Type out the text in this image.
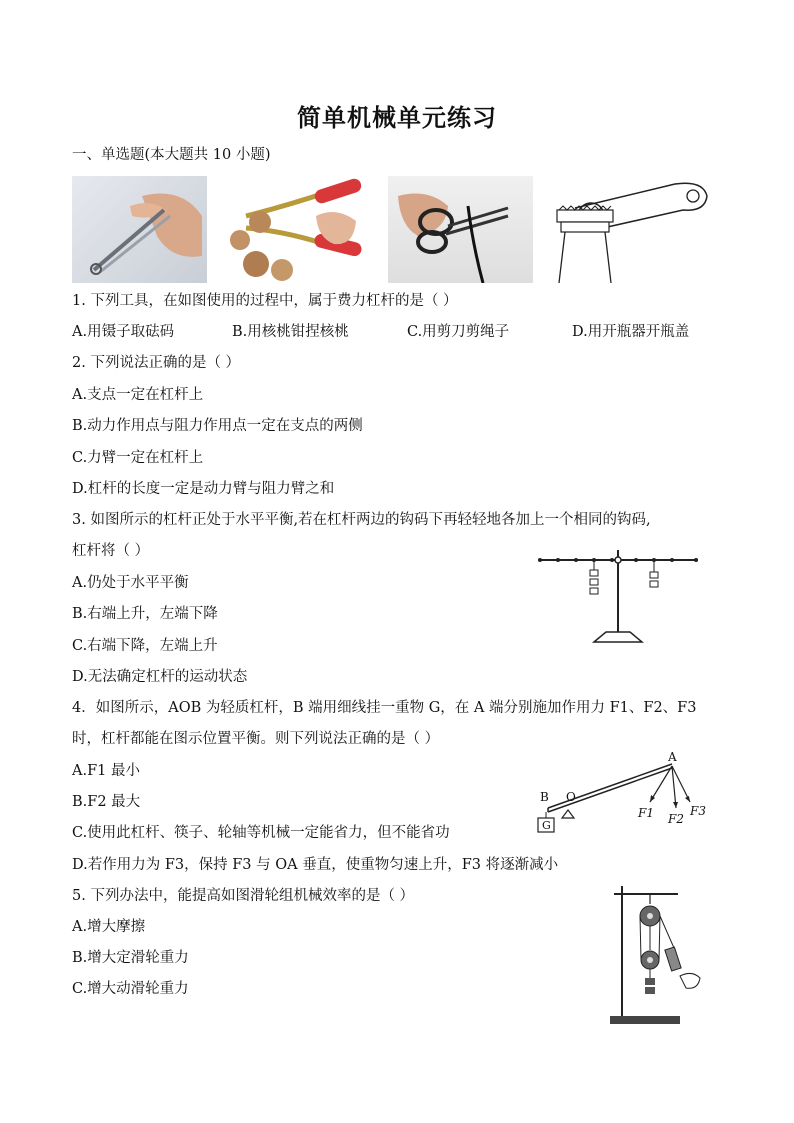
简单机械单元练习
一、单选题(本大题共 10 小题)
1. 下列工具，在如图使用的过程中，属于费力杠杆的是（ ）
A.用镊子取砝码	B.用核桃钳捏核桃	C.用剪刀剪绳子	D.用开瓶器开瓶盖
2. 下列说法正确的是（ ）
A.支点一定在杠杆上
B.动力作用点与阻力作用点一定在支点的两侧
C.力臂一定在杠杆上
D.杠杆的长度一定是动力臂与阻力臂之和
3. 如图所示的杠杆正处于水平平衡,若在杠杆两边的钩码下再轻轻地各加上一个相同的钩码,
杠杆将（ ）
A.仍处于水平平衡
B.右端上升，左端下降
C.右端下降，左端上升
D.无法确定杠杆的运动状态
4．如图所示，AOB 为轻质杠杆，B 端用细线挂一重物 G，在 A 端分别施加作用力 F1、F2、F3
时，杠杆都能在图示位置平衡。则下列说法正确的是（ ）
A.F1 最小
B.F2 最大
C.使用此杠杆、筷子、轮轴等机械一定能省力，但不能省功
D.若作用力为 F3，保持 F3 与 OA 垂直，使重物匀速上升，F3 将逐渐减小
A
B O
G
F1 F2
F3
5. 下列办法中，能提高如图滑轮组机械效率的是（ ）
A.增大摩擦
B.增大定滑轮重力
C.增大动滑轮重力
